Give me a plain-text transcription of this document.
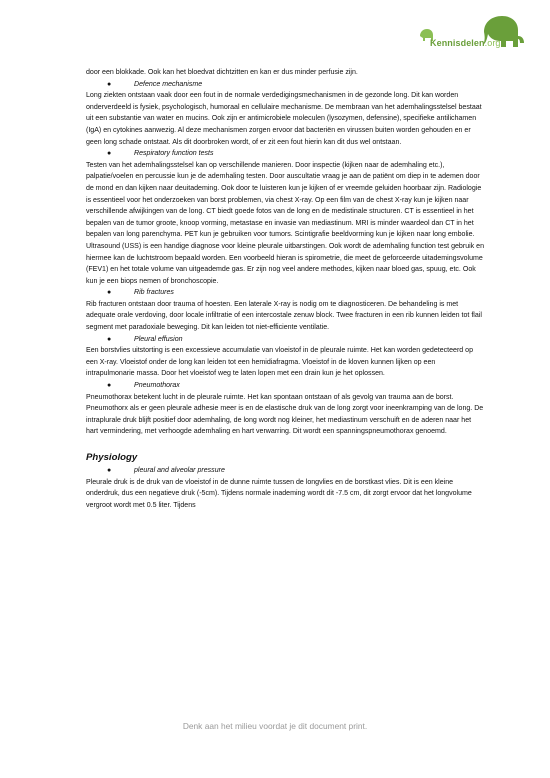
Kennisdelen.org

door een blokkade. Ook kan het bloedvat dichtzitten en kan er dus minder perfusie zijn.

●	Defence mechanisme

Long ziekten ontstaan vaak door een fout in de normale verdedigingsmechanismen in de gezonde long. Dit kan worden onderverdeeld is fysiek, psychologisch, humoraal en cellulaire mechanisme. De membraan van het ademhalingsstelsel bestaat uit een substantie van water en mucins. Ook zijn er antimicrobiele moleculen (lysozymen, defensine), specifieke antilichamen (IgA) en cytokines aanwezig. Al deze mechanismen zorgen ervoor dat bacteriën en virussen buiten worden gehouden en er geen long schade ontstaat. Als dit doorbroken wordt, of er zit een fout hierin kan dit dus wel ontstaan.

●	Respiratory function tests

Testen van het ademhalingsstelsel kan op verschillende manieren. Door inspectie (kijken naar de ademhaling etc.), palpatie/voelen en percussie kun je de ademhaling testen. Door auscultatie vraag je aan de patiënt om diep in te ademen door de mond en dan kijken naar deuitademing. Ook door te luisteren kun je kijken of er vreemde geluiden hoorbaar zijn. Radiologie is essentieel voor het onderzoeken van borst problemen, via chest X-ray. Op een film van de chest X-ray kun je kijken naar verschillende afwijkingen van de long. CT biedt goede fotos van de long en de medistinale structuren. CT is essentieel in het bepalen van de tumor groote, knoop vorming, metastase en invasie van mediastinum. MRI is minder waardeol dan CT in het bepalen van long parenchyma. PET kun je gebruiken voor tumors. Scintigrafie beeldvorming kun je kijken naar long embolie. Ultrasound (USS) is een handige diagnose voor kleine pleurale uitbarstingen. Ook wordt de ademhaling function test gebruik en hiermee kan de luchtstroom bepaald worden. Een voorbeeld hieran is spirometrie, die meet de geforceerde uitademingsvolume (FEV1) en het totale volume van uitgeademde gas. Er zijn nog veel andere methodes, kijken naar bloed gas, spuug, etc. Ook kun je een biops nemen of bronchoscopie.

●	Rib fractures

Rib fracturen ontstaan door trauma of hoesten. Een laterale X-ray is nodig om te diagnosticeren. De behandeling is met adequate orale verdoving, door locale infiltratie of een intercostale zenuw block. Twee fracturen in een rib kunnen leiden tot flail segment met paradoxiale beweging. Dit kan leiden tot niet-efficiente ventilatie.

●	Pleural effusion

Een borstvlies uitstorting is een excessieve accumulatie van vloeistof in de pleurale ruimte. Het kan worden gedetecteerd op een X-ray. Vloeistof onder de long kan leiden tot een hemidiafragma. Vloeistof in de kloven kunnen lijken op een intrapulmonarie massa. Door het vloeistof weg te laten lopen met een drain kun je het oplossen.

●	Pneumothorax

Pneumothorax betekent lucht in de pleurale ruimte. Het kan spontaan ontstaan of als gevolg van trauma aan de borst. Pneumothorx als er geen pleurale adhesie meer is en de elastische druk van de long zorgt voor ineenkramping van de long. De intraplurale druk blijft positief door ademhaling, de long wordt nog kleiner, het mediastinum verschuift en de aderen naar het hart vermindering, met verhoogde ademhaling en hart verwarring. Dit wordt een spanningspneumothorax genoemd.

Physiology

●	pleural and alveolar pressure

Pleurale druk is de druk van de vloeistof in de dunne ruimte tussen de longvlies en de borstkast vlies. Dit is een kleine onderdruk, dus een negatieve druk (-5cm). Tijdens normale inademing wordt dit -7.5 cm, dit zorgt ervoor dat het longvolume vergroot wordt met 0.5 liter. Tijdens

Denk aan het milieu voordat je dit document print.
